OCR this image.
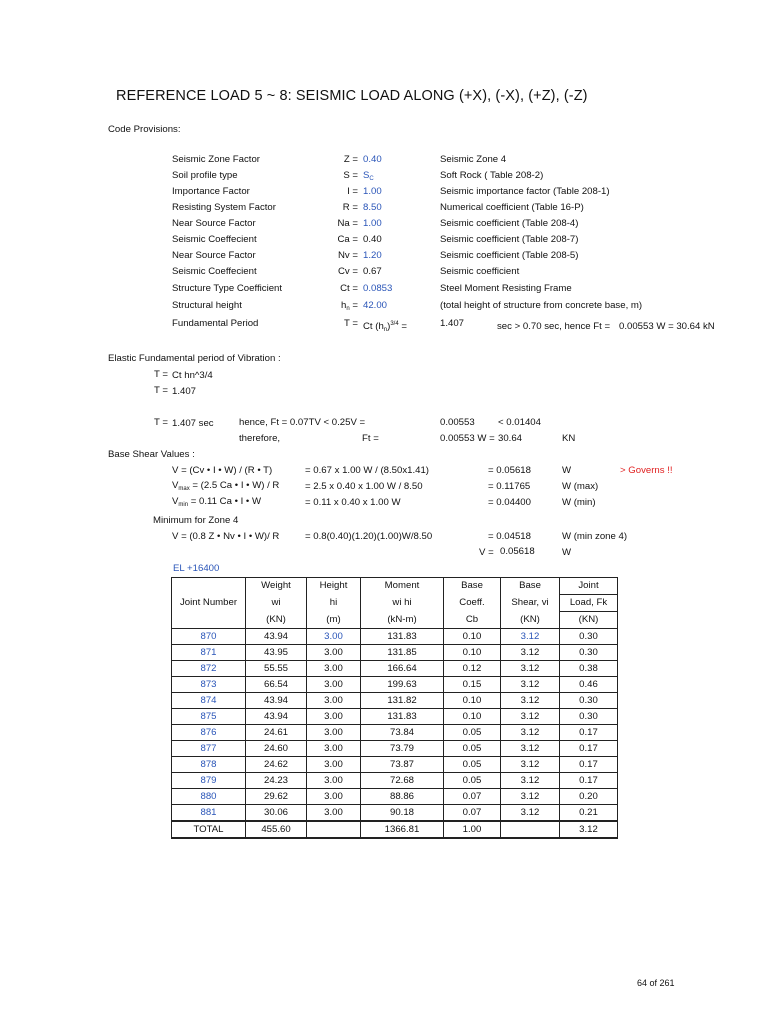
REFERENCE LOAD 5 ~ 8: SEISMIC LOAD ALONG (+X), (-X), (+Z), (-Z)
Code Provisions:
Seismic Zone Factor	Z = 0.40	Seismic Zone 4
Soil profile type	$S = S_C$	Soft Rock ( Table 208-2)
Importance Factor	I = 1.00	Seismic importance factor (Table 208-1)
Resisting System Factor	R = 8.50	Numerical coefficient (Table 16-P)
Near Source Factor	Na = 1.00	Seismic coefficient (Table 208-4)
Seismic Coeffecient	Ca = 0.40	Seismic coefficient (Table 208-7)
Near Source Factor	Nv = 1.20	Seismic coefficient (Table 208-5)
Seismic Coeffecient	Cv = 0.67	Seismic coefficient
Structure Type Coefficient	Ct = 0.0853	Steel Moment Resisting Frame
Structural height	$h_n = 42.00$	(total height of structure from concrete base, m)
Fundamental Period	T = Ct $(h_n)^{3/4}$ =	1.407	sec > 0.70 sec, hence Ft = 0.00553 W = 30.64 kN
Elastic Fundamental period of Vibration :
T = Ct hn^3/4
T = 1.407
T = 1.407 sec	hence, Ft = 0.07TV < 0.25V =	0.00553 < 0.01404
therefore,	Ft =	0.00553 W = 30.64	KN
Base Shear Values :
V = (Cv • I • W) / (R • T)	= 0.67 x 1.00 W / (8.50x1.41)	= 0.05618	W	> Governs !!
$V_{max} = (2.5$ Ca • I • W) / R	= 2.5 x 0.40 x 1.00 W / 8.50	= 0.11765	W (max)
$V_{min} = 0.11$ Ca • I • W	= 0.11 x 0.40 x 1.00 W	= 0.04400	W (min)
Minimum for Zone 4
V = (0.8 Z • Nv • I • W)/ R	= 0.8(0.40)(1.20)(1.00)W/8.50	= 0.04518	W (min zone 4)
V = 0.05618	W
EL +16400
	Weight	Height	Moment	Base	Base	Joint
Joint Number	wi	hi	wi hi	Coeff.	Shear, vi	Load, Fk
	(KN)	(m)	(kN-m)	Cb	(KN)	(KN)
870	43.94	3.00	131.83	0.10	3.12	0.30
871	43.95	3.00	131.85	0.10	3.12	0.30
872	55.55	3.00	166.64	0.12	3.12	0.38
873	66.54	3.00	199.63	0.15	3.12	0.46
874	43.94	3.00	131.82	0.10	3.12	0.30
875	43.94	3.00	131.83	0.10	3.12	0.30
876	24.61	3.00	73.84	0.05	3.12	0.17
877	24.60	3.00	73.79	0.05	3.12	0.17
878	24.62	3.00	73.87	0.05	3.12	0.17
879	24.23	3.00	72.68	0.05	3.12	0.17
880	29.62	3.00	88.86	0.07	3.12	0.20
881	30.06	3.00	90.18	0.07	3.12	0.21
TOTAL	455.60		1366.81	1.00		3.12
64 of 261
